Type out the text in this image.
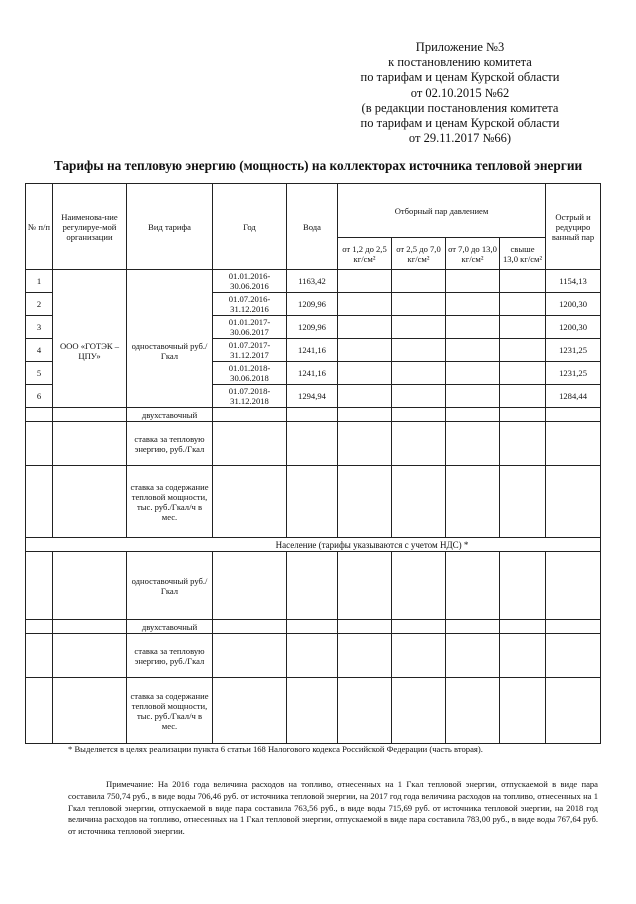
Приложение №3
к постановлению комитета
по тарифам и ценам Курской области
от 02.10.2015 №62
(в редакции постановления комитета
по тарифам и ценам Курской области
от 29.11.2017 №66)
Тарифы на тепловую энергию (мощность) на коллекторах источника тепловой энергии
№ п/п	Наименова-ние регулируе-мой организации	Вид тарифа	Год	Вода	Отборный пар давлением				Острый и редуциро ванный пар
					от 1,2 до 2,5 кг/см²	от 2,5 до 7,0 кг/см²	от 7,0 до 13,0 кг/см²	свыше 13,0 кг/см²	
1	ООО «ГОТЭК – ЦПУ»	одноставочный руб./Гкал	01.01.2016-30.06.2016	1163,42					1154,13
2			01.07.2016-31.12.2016	1209,96					1200,30
3			01.01.2017-30.06.2017	1209,96					1200,30
4			01.07.2017-31.12.2017	1241,16					1231,25
5			01.01.2018-30.06.2018	1241,16					1231,25
6			01.07.2018-31.12.2018	1294,94					1284,44
		двухставочный							
		ставка за тепловую энергию, руб./Гкал							
		ставка за содержание тепловой мощности, тыс. руб./Гкал/ч в мес.							
Население (тарифы указываются с учетом НДС) *									
		одноставочный руб./Гкал							
		двухставочный							
		ставка за тепловую энергию, руб./Гкал							
		ставка за содержание тепловой мощности, тыс. руб./Гкал/ч в мес.							
* Выделяется в целях реализации пункта 6 статьи 168 Налогового кодекса Российской Федерации (часть вторая).
Примечание: На 2016 года величина расходов на топливо, отнесенных на 1 Гкал тепловой энергии, отпускаемой в виде пара составила 750,74 руб., в виде воды 706,46 руб. от источника тепловой энергии, на 2017 год года величина расходов на топливо, отнесенных на 1 Гкал тепловой энергии, отпускаемой в виде пара составила 763,56 руб., в виде воды 715,69 руб. от источника тепловой энергии, на 2018 год величина расходов на топливо, отнесенных на 1 Гкал тепловой энергии, отпускаемой в виде пара составила 783,00 руб., в виде воды 767,64 руб. от источника тепловой энергии.
